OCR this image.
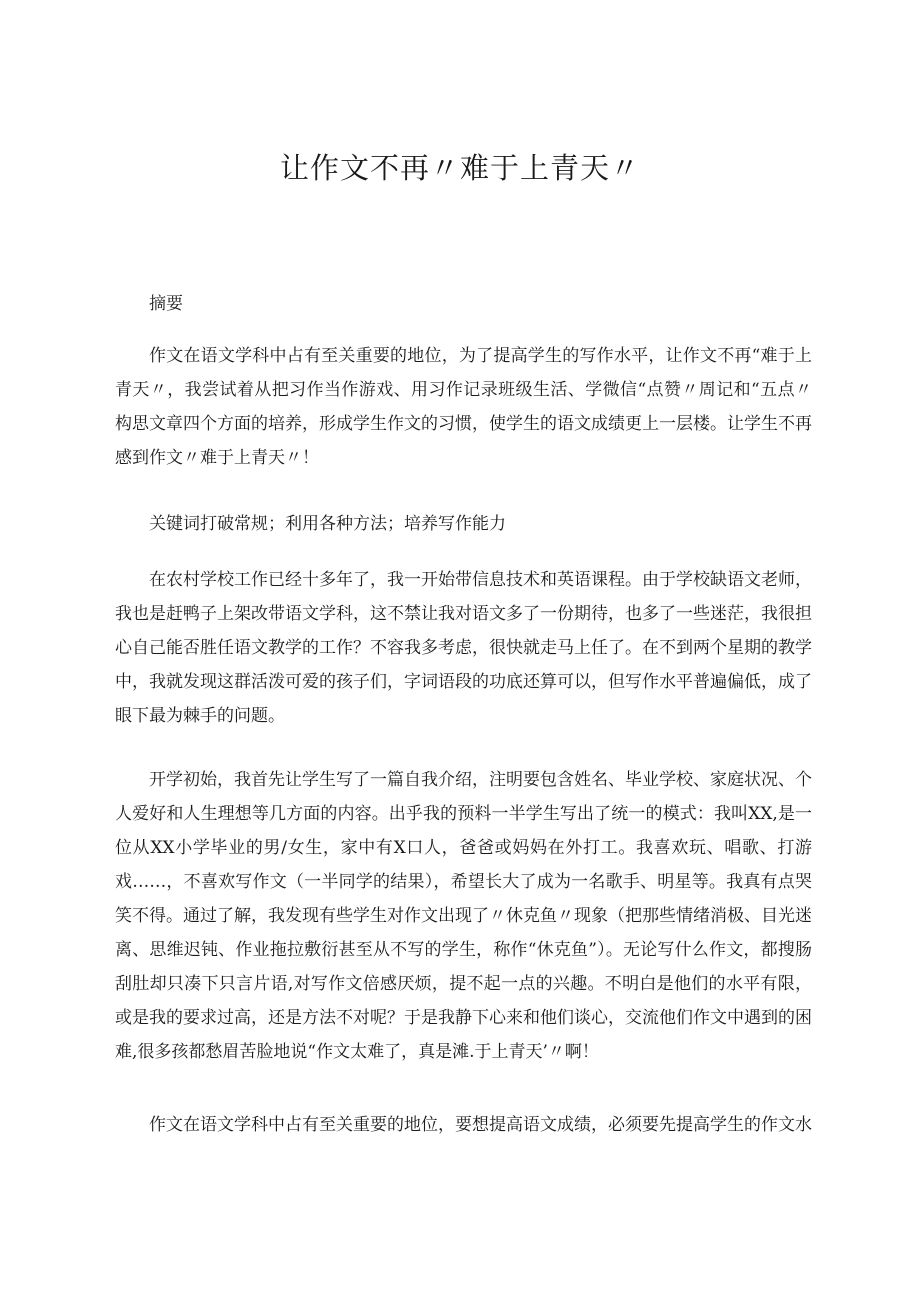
让作文不再〃难于上青天〃

摘要

作文在语文学科中占有至关重要的地位，为了提高学生的写作水平，让作文不再“难于上青天〃，我尝试着从把习作当作游戏、用习作记录班级生活、学微信“点赞〃周记和“五点〃构思文章四个方面的培养，形成学生作文的习惯，使学生的语文成绩更上一层楼。让学生不再感到作文〃难于上青天〃！

关键词打破常规；利用各种方法；培养写作能力

在农村学校工作已经十多年了，我一开始带信息技术和英语课程。由于学校缺语文老师，我也是赶鸭子上架改带语文学科，这不禁让我对语文多了一份期待，也多了一些迷茫，我很担心自己能否胜任语文教学的工作？不容我多考虑，很快就走马上任了。在不到两个星期的教学中，我就发现这群活泼可爱的孩子们，字词语段的功底还算可以，但写作水平普遍偏低，成了眼下最为棘手的问题。

开学初始，我首先让学生写了一篇自我介绍，注明要包含姓名、毕业学校、家庭状况、个人爱好和人生理想等几方面的内容。出乎我的预料一半学生写出了统一的模式：我叫XX,是一位从XX小学毕业的男/女生，家中有X口人，爸爸或妈妈在外打工。我喜欢玩、唱歌、打游戏……，不喜欢写作文（一半同学的结果），希望长大了成为一名歌手、明星等。我真有点哭笑不得。通过了解，我发现有些学生对作文出现了〃休克鱼〃现象（把那些情绪消极、目光迷离、思维迟钝、作业拖拉敷衍甚至从不写的学生，称作“休克鱼”）。无论写什么作文，都搜肠刮肚却只凑下只言片语,对写作文倍感厌烦，提不起一点的兴趣。不明白是他们的水平有限，或是我的要求过高，还是方法不对呢？于是我静下心来和他们谈心，交流他们作文中遇到的困难,很多孩都愁眉苦脸地说“作文太难了，真是滩.于上青天’〃啊！

作文在语文学科中占有至关重要的地位，要想提高语文成绩，必须要先提高学生的作文水
